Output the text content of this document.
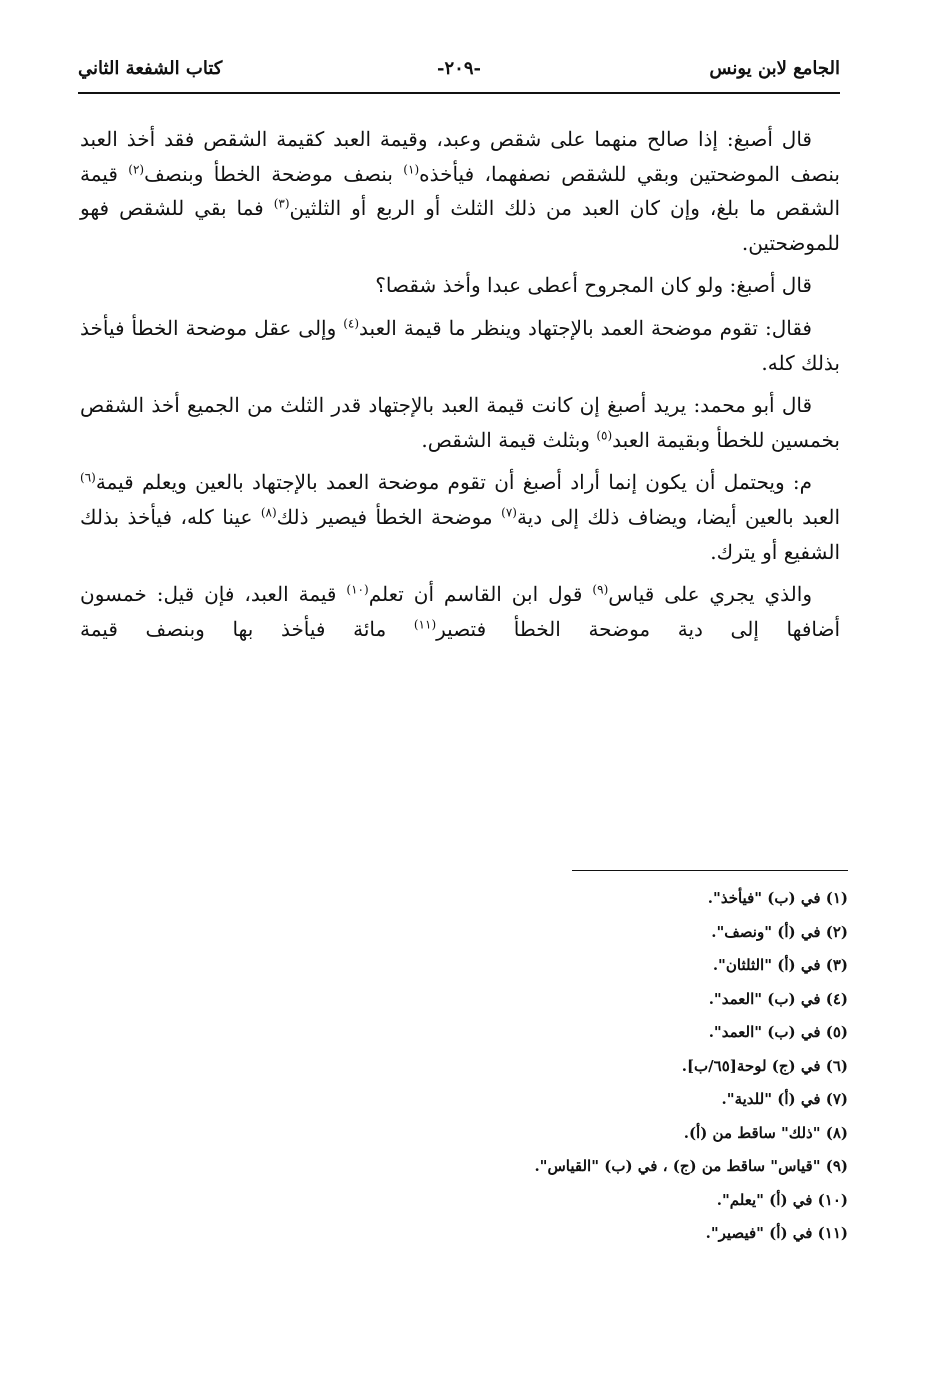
الجامع لابن يونس
-٢٠٩-
كتاب الشفعة الثاني

قال أصبغ: إذا صالح منهما على شقص وعبد، وقيمة العبد كقيمة الشقص فقد أخذ العبد بنصف الموضحتين وبقي للشقص نصفهما، فيأخذه$^{(١)}$ بنصف موضحة الخطأ وبنصف$^{(٢)}$ قيمة الشقص ما بلغ، وإن كان العبد من ذلك الثلث أو الربع أو الثلثين$^{(٣)}$ فما بقي للشقص فهو للموضحتين.

قال أصبغ: ولو كان المجروح أعطى عبدا وأخذ شقصا؟

فقال: تقوم موضحة العمد بالإجتهاد وينظر ما قيمة العبد$^{(٤)}$ وإلى عقل موضحة الخطأ فيأخذ بذلك كله.

قال أبو محمد: يريد أصبغ إن كانت قيمة العبد بالإجتهاد قدر الثلث من الجميع أخذ الشقص بخمسين للخطأ وبقيمة العبد$^{(٥)}$ وبثلث قيمة الشقص.

م: ويحتمل أن يكون إنما أراد أصبغ أن تقوم موضحة العمد بالإجتهاد بالعين ويعلم قيمة$^{(٦)}$ العبد بالعين أيضا، ويضاف ذلك إلى دية$^{(٧)}$ موضحة الخطأ فيصير ذلك$^{(٨)}$ عينا كله، فيأخذ بذلك الشفيع أو يترك.

والذي يجري على قياس$^{(٩)}$ قول ابن القاسم أن تعلم$^{(١٠)}$ قيمة العبد، فإن قيل: خمسون أضافها إلى دية موضحة الخطأ فتصير$^{(١١)}$ مائة فيأخذ بها وبنصف قيمة

(١) في (ب) "فيأخذ".
(٢) في (أ) "ونصف".
(٣) في (أ) "الثلثان".
(٤) في (ب) "العمد".
(٥) في (ب) "العمد".
(٦) في (ج) لوحة[٦٥/ب].
(٧) في (أ) "للدية".
(٨) "ذلك" ساقط من (أ).
(٩) "قياس" ساقط من (ج) ، في (ب) "القياس".
(١٠) في (أ) "يعلم".
(١١) في (أ) "فيصير".
